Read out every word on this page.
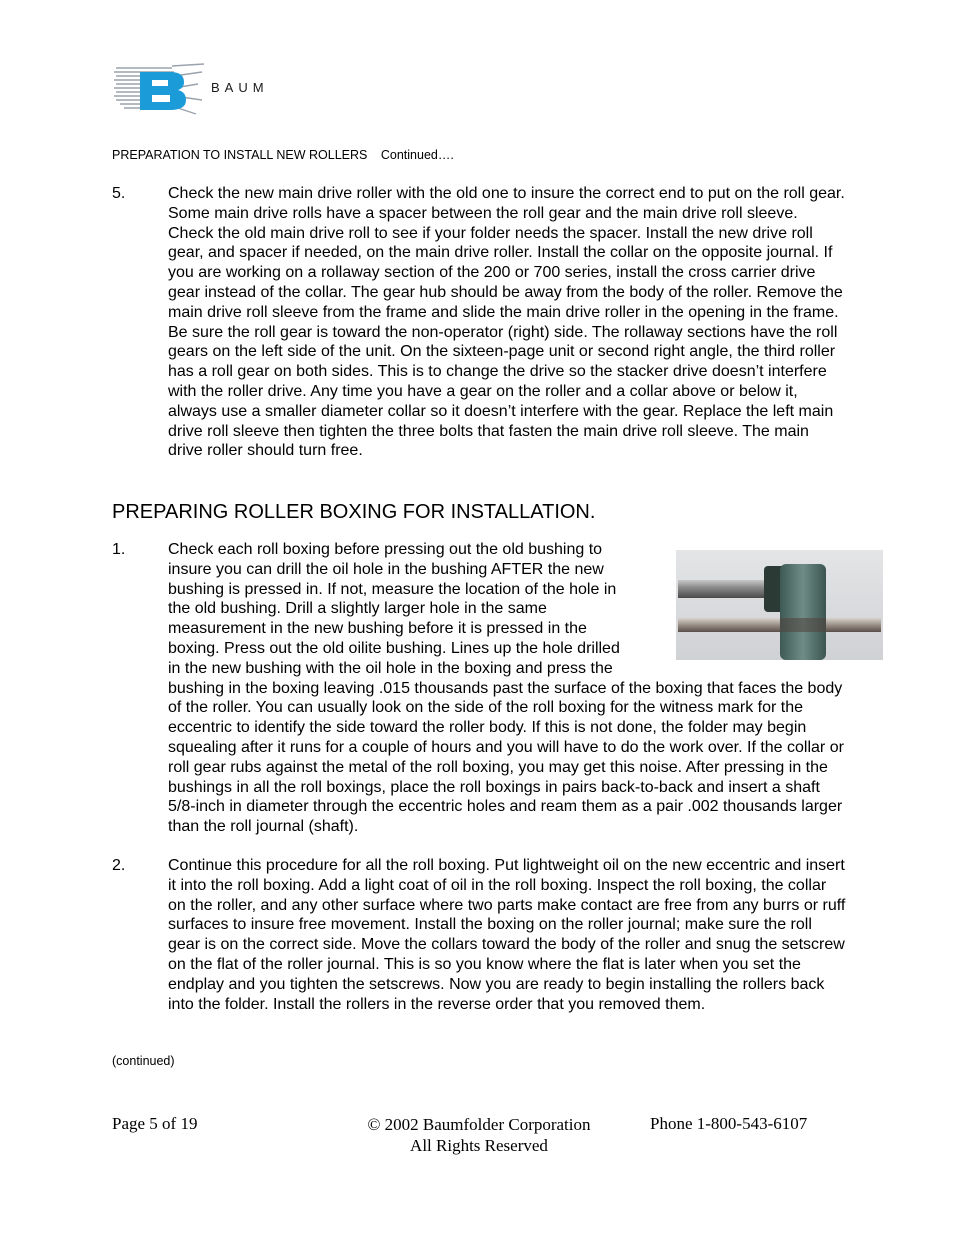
BAUM
PREPARATION TO INSTALL NEW ROLLERS Continued….
5.	Check the new main drive roller with the old one to insure the correct end to put on the roll gear. Some main drive rolls have a spacer between the roll gear and the main drive roll sleeve. Check the old main drive roll to see if your folder needs the spacer. Install the new drive roll gear, and spacer if needed, on the main drive roller. Install the collar on the opposite journal. If you are working on a rollaway section of the 200 or 700 series, install the cross carrier drive gear instead of the collar. The gear hub should be away from the body of the roller. Remove the main drive roll sleeve from the frame and slide the main drive roller in the opening in the frame. Be sure the roll gear is toward the non-operator (right) side. The rollaway sections have the roll gears on the left side of the unit. On the sixteen-page unit or second right angle, the third roller has a roll gear on both sides. This is to change the drive so the stacker drive doesn’t interfere with the roller drive. Any time you have a gear on the roller and a collar above or below it, always use a smaller diameter collar so it doesn’t interfere with the gear. Replace the left main drive roll sleeve then tighten the three bolts that fasten the main drive roll sleeve. The main drive roller should turn free.
PREPARING ROLLER BOXING FOR INSTALLATION.
1.	Check each roll boxing before pressing out the old bushing to insure you can drill the oil hole in the bushing AFTER the new bushing is pressed in. If not, measure the location of the hole in the old bushing. Drill a slightly larger hole in the same measurement in the new bushing before it is pressed in the boxing. Press out the old oilite bushing. Lines up the hole drilled in the new bushing with the oil hole in the boxing and press the bushing in the boxing leaving .015 thousands past the surface of the boxing that faces the body of the roller. You can usually look on the side of the roll boxing for the witness mark for the eccentric to identify the side toward the roller body. If this is not done, the folder may begin squealing after it runs for a couple of hours and you will have to do the work over. If the collar or roll gear rubs against the metal of the roll boxing, you may get this noise. After pressing in the bushings in all the roll boxings, place the roll boxings in pairs back-to-back and insert a shaft 5/8-inch in diameter through the eccentric holes and ream them as a pair .002 thousands larger than the roll journal (shaft).
2.	Continue this procedure for all the roll boxing. Put lightweight oil on the new eccentric and insert it into the roll boxing. Add a light coat of oil in the roll boxing. Inspect the roll boxing, the collar on the roller, and any other surface where two parts make contact are free from any burrs or ruff surfaces to insure free movement. Install the boxing on the roller journal; make sure the roll gear is on the correct side. Move the collars toward the body of the roller and snug the setscrew on the flat of the roller journal. This is so you know where the flat is later when you set the endplay and you tighten the setscrews. Now you are ready to begin installing the rollers back into the folder. Install the rollers in the reverse order that you removed them.
(continued)
Page 5 of 19	© 2002 Baumfolder Corporation
All Rights Reserved
Phone 1-800-543-6107
